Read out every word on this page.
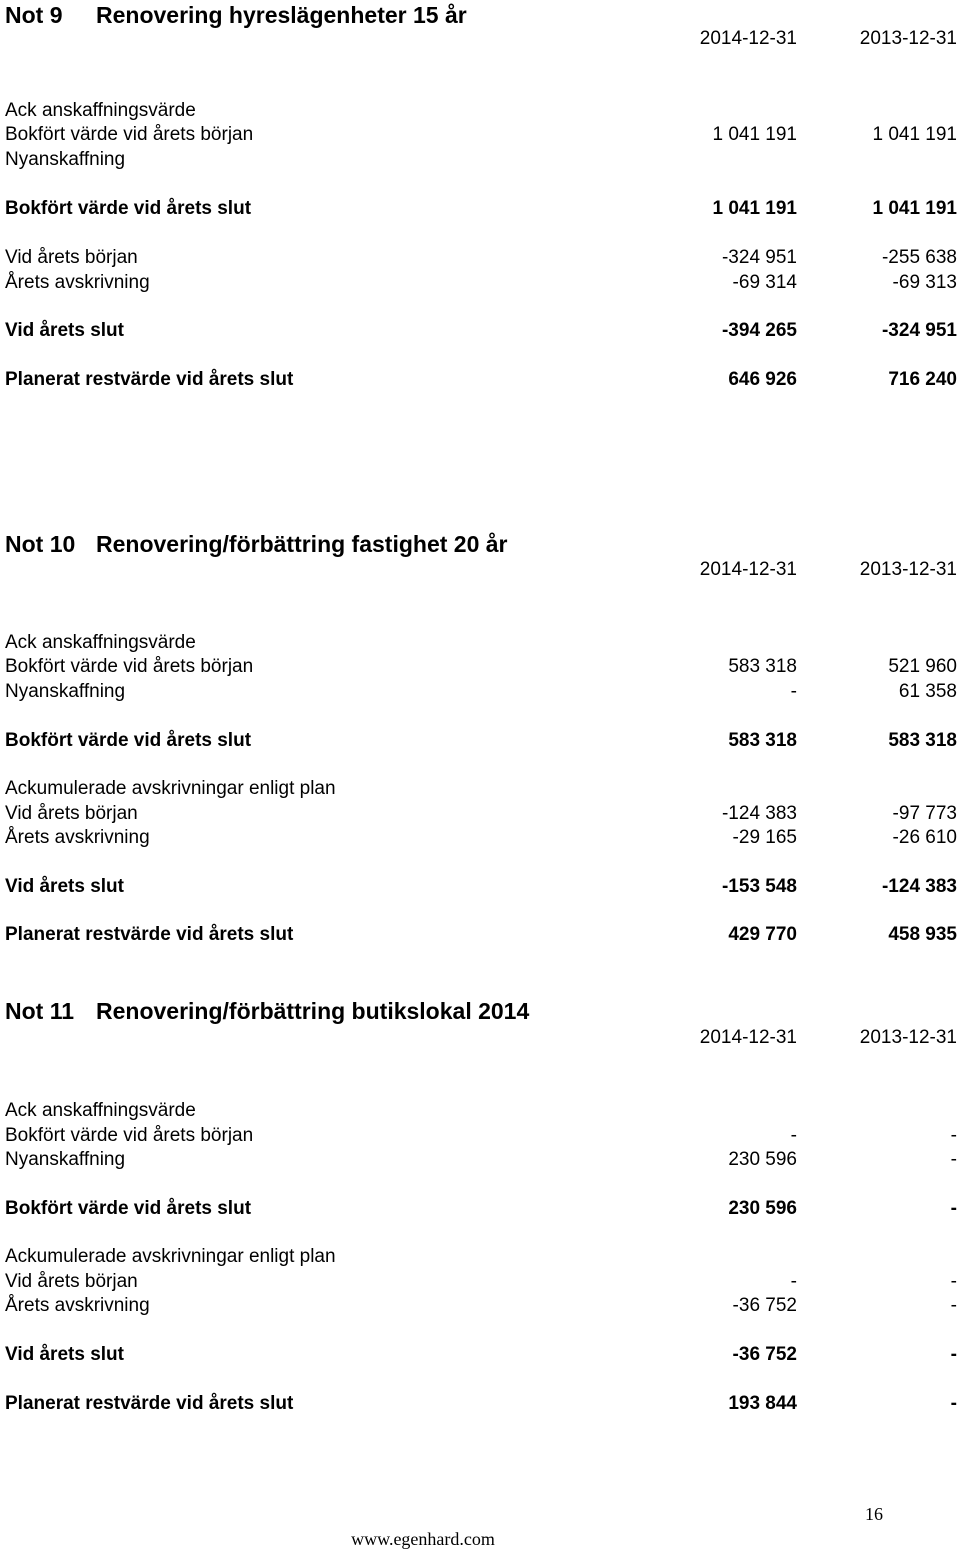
Not 9 Renovering hyreslägenheter 15 år
2014-12-31	2013-12-31
Ack anskaffningsvärde
Bokfört värde vid årets början	1 041 191	1 041 191
Nyanskaffning
Bokfört värde vid årets slut	1 041 191	1 041 191
Vid årets början	-324 951	-255 638
Årets avskrivning	-69 314	-69 313
Vid årets slut	-394 265	-324 951
Planerat restvärde vid årets slut	646 926	716 240
Not 10 Renovering/förbättring fastighet 20 år
2014-12-31	2013-12-31
Ack anskaffningsvärde
Bokfört värde vid årets början	583 318	521 960
Nyanskaffning	-	61 358
Bokfört värde vid årets slut	583 318	583 318
Ackumulerade avskrivningar enligt plan
Vid årets början	-124 383	-97 773
Årets avskrivning	-29 165	-26 610
Vid årets slut	-153 548	-124 383
Planerat restvärde vid årets slut	429 770	458 935
Not 11 Renovering/förbättring butikslokal 2014
2014-12-31	2013-12-31
Ack anskaffningsvärde
Bokfört värde vid årets början	-	-
Nyanskaffning	230 596	-
Bokfört värde vid årets slut	230 596	-
Ackumulerade avskrivningar enligt plan
Vid årets början	-	-
Årets avskrivning	-36 752	-
Vid årets slut	-36 752	-
Planerat restvärde vid årets slut	193 844	-
16
www.egenhard.com
